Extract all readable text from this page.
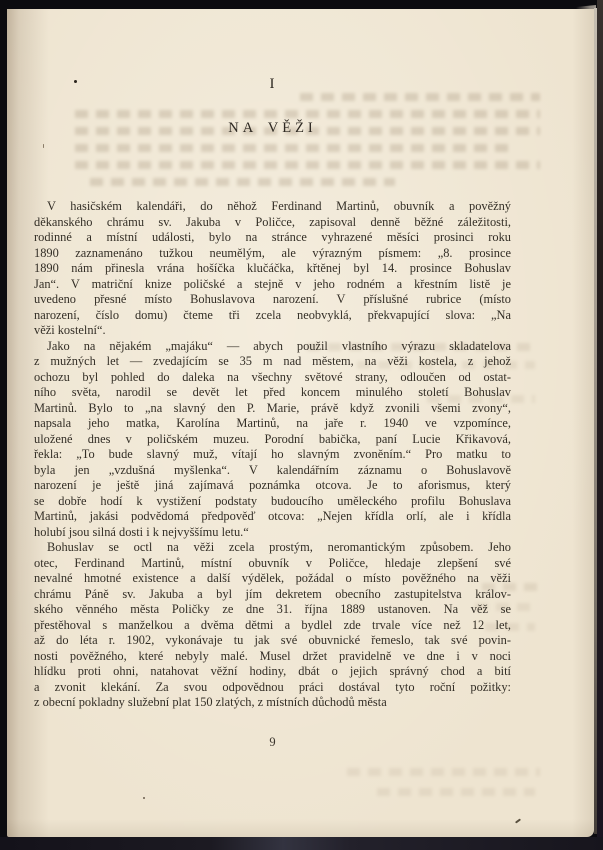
I
NA VĚŽI
V hasičském kalendáři, do něhož Ferdinand Martinů, obuvník a pověžný
děkanského chrámu sv. Jakuba v Poličce, zapisoval denně běžné záležitosti,
rodinné a místní události, bylo na stránce vyhrazené měsíci prosinci roku
1890 zaznamenáno tužkou neumělým, ale výrazným písmem: „8. prosince
1890 nám přinesla vrána hošíčka klučáčka, křtěnej byl 14. prosince Bohuslav
Jan“. V matriční knize poličské a stejně v jeho rodném a křestním listě je
uvedeno přesné místo Bohuslavova narození. V příslušné rubrice (místo
narození, číslo domu) čteme tři zcela neobvyklá, překvapující slova: „Na
věži kostelní“.
Jako na nějakém „majáku“ — abych použil vlastního výrazu skladatelova
z mužných let — zvedajícím se 35 m nad městem, na věži kostela, z jehož
ochozu byl pohled do daleka na všechny světové strany, odloučen od ostat-
ního světa, narodil se devět let před koncem minulého století Bohuslav
Martinů. Bylo to „na slavný den P. Marie, právě když zvonili všemi zvony“,
napsala jeho matka, Karolína Martinů, na jaře r. 1940 ve vzpomínce,
uložené dnes v poličském muzeu. Porodní babička, paní Lucie Křikavová,
řekla: „To bude slavný muž, vítají ho slavným zvoněním.“ Pro matku to
byla jen „vzdušná myšlenka“. V kalendářním záznamu o Bohuslavově
narození je ještě jiná zajímavá poznámka otcova. Je to aforismus, který
se dobře hodí k vystižení podstaty budoucího uměleckého profilu Bohuslava
Martinů, jakási podvědomá předpověď otcova: „Nejen křídla orlí, ale i křídla
holubí jsou silná dosti i k nejvyššímu letu.“
Bohuslav se octl na věži zcela prostým, neromantickým způsobem. Jeho
otec, Ferdinand Martinů, místní obuvník v Poličce, hledaje zlepšení své
nevalné hmotné existence a další výdělek, požádal o místo pověžného na věži
chrámu Páně sv. Jakuba a byl jím dekretem obecního zastupitelstva králov-
ského věnného města Poličky ze dne 31. října 1889 ustanoven. Na věž se
přestěhoval s manželkou a dvěma dětmi a bydlel zde trvale více než 12 let,
až do léta r. 1902, vykonávaje tu jak své obuvnické řemeslo, tak své povin-
nosti pověžného, které nebyly malé. Musel držet pravidelně ve dne i v noci
hlídku proti ohni, natahovat věžní hodiny, dbát o jejich správný chod a bití
a zvonit klekání. Za svou odpovědnou práci dostával tyto roční požitky:
z obecní pokladny služební plat 150 zlatých, z místních důchodů města
9
